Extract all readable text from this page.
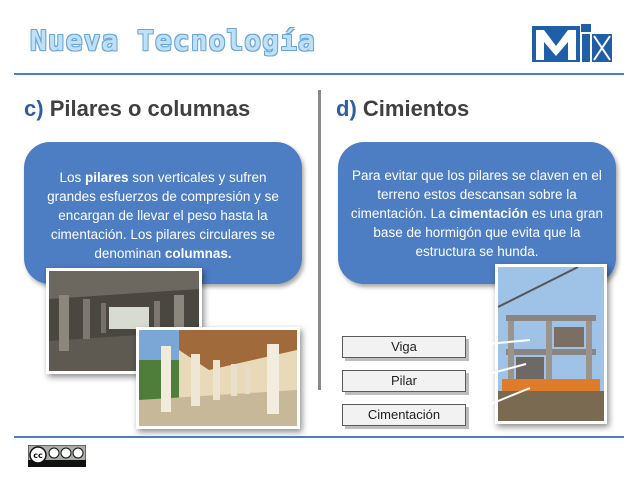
Nueva Tecnología
c) Pilares o columnas
Los pilares son verticales y sufren grandes esfuerzos de compresión y se encargan de llevar el peso hasta la cimentación. Los pilares circulares se denominan columnas.
d) Cimientos
Para evitar que los pilares se claven en el terreno estos descansan sobre la cimentación. La cimentación es una gran base de hormigón que evita que la estructura se hunda.
Viga
Pilar
Cimentación
cc
